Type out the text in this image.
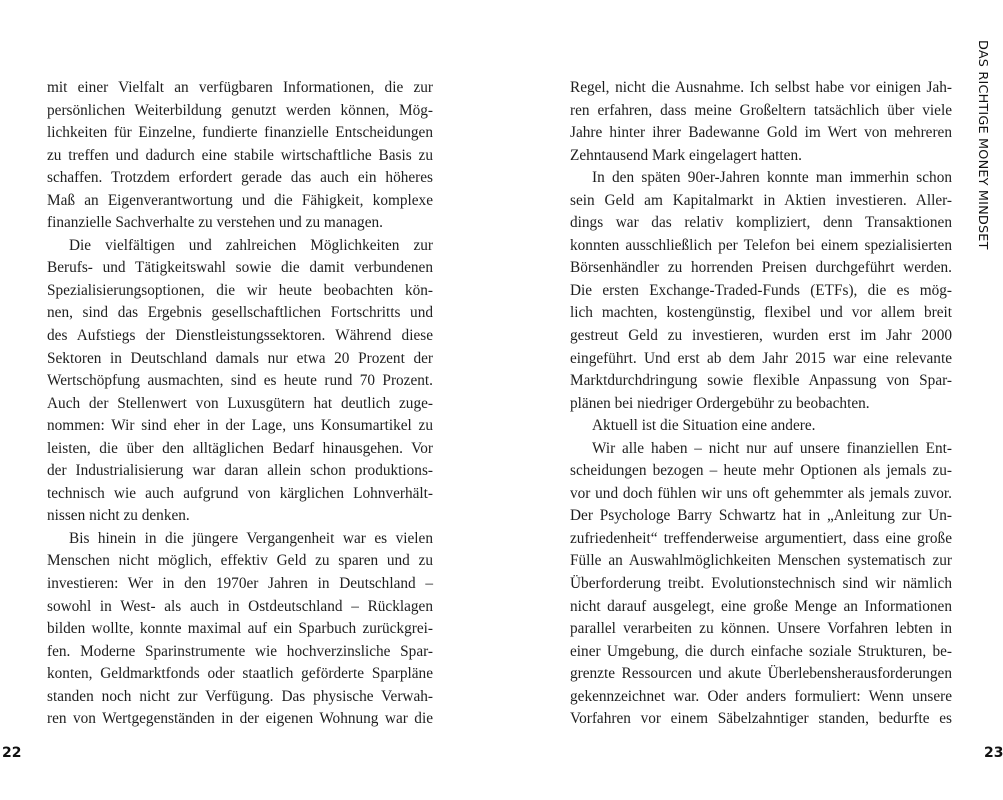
mit einer Vielfalt an verfügbaren Informationen, die zur
persönlichen Weiterbildung genutzt werden können, Mög-
lichkeiten für Einzelne, fundierte finanzielle Entscheidungen
zu treffen und dadurch eine stabile wirtschaftliche Basis zu
schaffen. Trotzdem erfordert gerade das auch ein höheres
Maß an Eigenverantwortung und die Fähigkeit, komplexe
finanzielle Sachverhalte zu verstehen und zu managen.
Die vielfältigen und zahlreichen Möglichkeiten zur
Berufs- und Tätigkeitswahl sowie die damit verbundenen
Spezialisierungsoptionen, die wir heute beobachten kön-
nen, sind das Ergebnis gesellschaftlichen Fortschritts und
des Aufstiegs der Dienstleistungssektoren. Während diese
Sektoren in Deutschland damals nur etwa 20 Prozent der
Wertschöpfung ausmachten, sind es heute rund 70 Prozent.
Auch der Stellenwert von Luxusgütern hat deutlich zuge-
nommen: Wir sind eher in der Lage, uns Konsumartikel zu
leisten, die über den alltäglichen Bedarf hinausgehen. Vor
der Industrialisierung war daran allein schon produktions-
technisch wie auch aufgrund von kärglichen Lohnverhält-
nissen nicht zu denken.
Bis hinein in die jüngere Vergangenheit war es vielen
Menschen nicht möglich, effektiv Geld zu sparen und zu
investieren: Wer in den 1970er Jahren in Deutschland –
sowohl in West- als auch in Ostdeutschland – Rücklagen
bilden wollte, konnte maximal auf ein Sparbuch zurückgrei-
fen. Moderne Sparinstrumente wie hochverzinsliche Spar-
konten, Geldmarktfonds oder staatlich geförderte Sparpläne
standen noch nicht zur Verfügung. Das physische Verwah-
ren von Wertgegenständen in der eigenen Wohnung war die
22
Regel, nicht die Ausnahme. Ich selbst habe vor einigen Jah-
ren erfahren, dass meine Großeltern tatsächlich über viele
Jahre hinter ihrer Badewanne Gold im Wert von mehreren
Zehntausend Mark eingelagert hatten.
In den späten 90er-Jahren konnte man immerhin schon
sein Geld am Kapitalmarkt in Aktien investieren. Aller-
dings war das relativ kompliziert, denn Transaktionen
konnten ausschließlich per Telefon bei einem spezialisierten
Börsenhändler zu horrenden Preisen durchgeführt werden.
Die ersten Exchange-Traded-Funds (ETFs), die es mög-
lich machten, kostengünstig, flexibel und vor allem breit
gestreut Geld zu investieren, wurden erst im Jahr 2000
eingeführt. Und erst ab dem Jahr 2015 war eine relevante
Marktdurchdringung sowie flexible Anpassung von Spar-
plänen bei niedriger Ordergebühr zu beobachten.
Aktuell ist die Situation eine andere.
Wir alle haben – nicht nur auf unsere finanziellen Ent-
scheidungen bezogen – heute mehr Optionen als jemals zu-
vor und doch fühlen wir uns oft gehemmter als jemals zuvor.
Der Psychologe Barry Schwartz hat in „Anleitung zur Un-
zufriedenheit“ treffenderweise argumentiert, dass eine große
Fülle an Auswahlmöglichkeiten Menschen systematisch zur
Überforderung treibt. Evolutionstechnisch sind wir nämlich
nicht darauf ausgelegt, eine große Menge an Informationen
parallel verarbeiten zu können. Unsere Vorfahren lebten in
einer Umgebung, die durch einfache soziale Strukturen, be-
grenzte Ressourcen und akute Überlebensherausforderungen
gekennzeichnet war. Oder anders formuliert: Wenn unsere
Vorfahren vor einem Säbelzahntiger standen, bedurfte es
23
DAS RICHTIGE MONEY MINDSET
